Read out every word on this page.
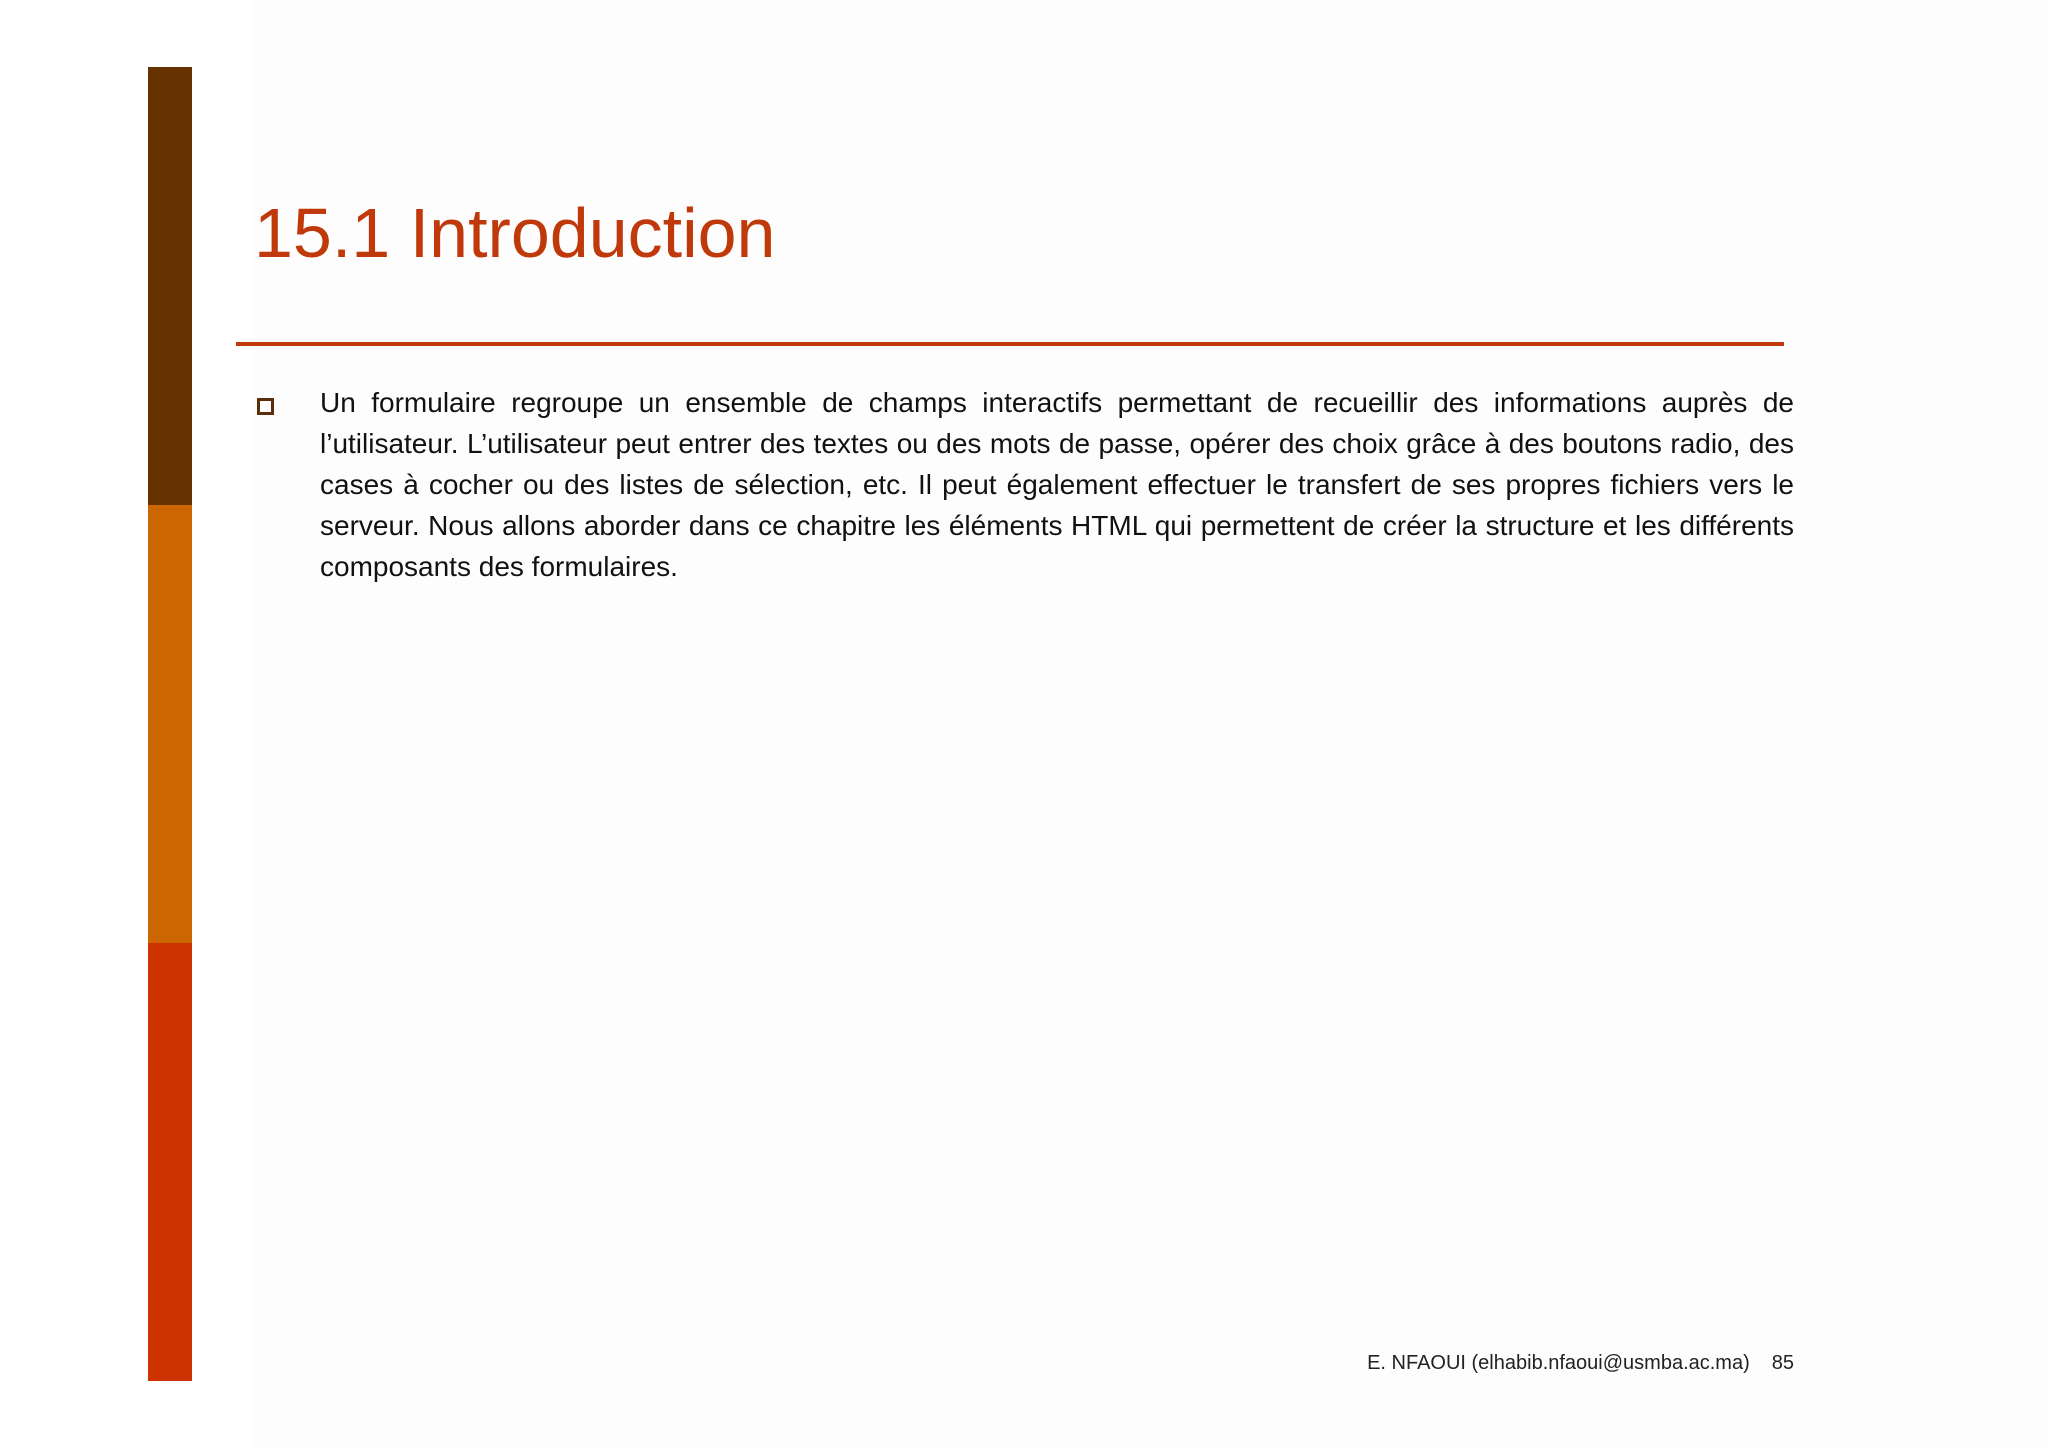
15.1 Introduction

Un formulaire regroupe un ensemble de champs interactifs permettant de recueillir des informations auprès de l’utilisateur. L’utilisateur peut entrer des textes ou des mots de passe, opérer des choix grâce à des boutons radio, des cases à cocher ou des listes de sélection, etc. Il peut également effectuer le transfert de ses propres fichiers vers le serveur. Nous allons aborder dans ce chapitre les éléments HTML qui permettent de créer la structure et les différents composants des formulaires.

E. NFAOUI (elhabib.nfaoui@usmba.ac.ma) 85
